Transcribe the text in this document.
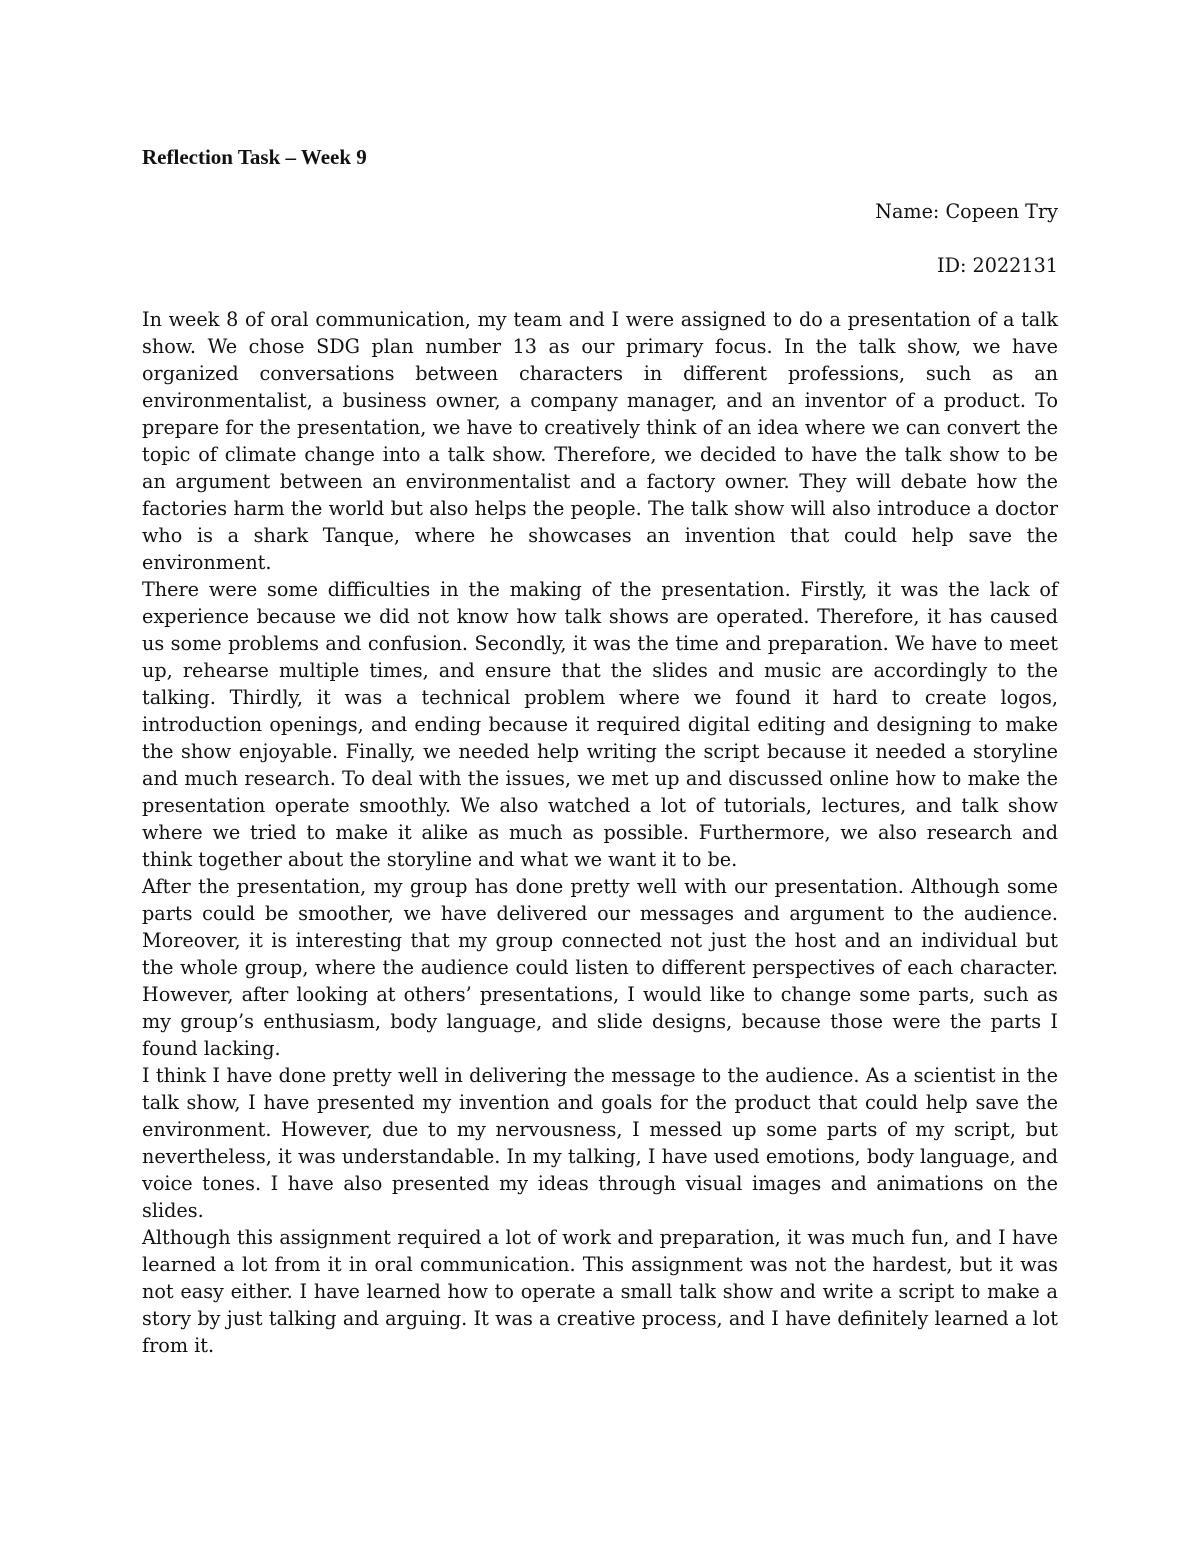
Reflection Task – Week 9

Name: Copeen Try

ID: 2022131

In week 8 of oral communication, my team and I were assigned to do a presentation of a talk show. We chose SDG plan number 13 as our primary focus. In the talk show, we have organized conversations between characters in different professions, such as an environmentalist, a business owner, a company manager, and an inventor of a product. To prepare for the presentation, we have to creatively think of an idea where we can convert the topic of climate change into a talk show. Therefore, we decided to have the talk show to be an argument between an environmentalist and a factory owner. They will debate how the factories harm the world but also helps the people. The talk show will also introduce a doctor who is a shark Tanque, where he showcases an invention that could help save the environment.

There were some difficulties in the making of the presentation. Firstly, it was the lack of experience because we did not know how talk shows are operated. Therefore, it has caused us some problems and confusion. Secondly, it was the time and preparation. We have to meet up, rehearse multiple times, and ensure that the slides and music are accordingly to the talking. Thirdly, it was a technical problem where we found it hard to create logos, introduction openings, and ending because it required digital editing and designing to make the show enjoyable. Finally, we needed help writing the script because it needed a storyline and much research. To deal with the issues, we met up and discussed online how to make the presentation operate smoothly. We also watched a lot of tutorials, lectures, and talk show where we tried to make it alike as much as possible. Furthermore, we also research and think together about the storyline and what we want it to be.

After the presentation, my group has done pretty well with our presentation. Although some parts could be smoother, we have delivered our messages and argument to the audience. Moreover, it is interesting that my group connected not just the host and an individual but the whole group, where the audience could listen to different perspectives of each character. However, after looking at others’ presentations, I would like to change some parts, such as my group’s enthusiasm, body language, and slide designs, because those were the parts I found lacking.

I think I have done pretty well in delivering the message to the audience. As a scientist in the talk show, I have presented my invention and goals for the product that could help save the environment. However, due to my nervousness, I messed up some parts of my script, but nevertheless, it was understandable. In my talking, I have used emotions, body language, and voice tones. I have also presented my ideas through visual images and animations on the slides.

Although this assignment required a lot of work and preparation, it was much fun, and I have learned a lot from it in oral communication. This assignment was not the hardest, but it was not easy either. I have learned how to operate a small talk show and write a script to make a story by just talking and arguing. It was a creative process, and I have definitely learned a lot from it.
